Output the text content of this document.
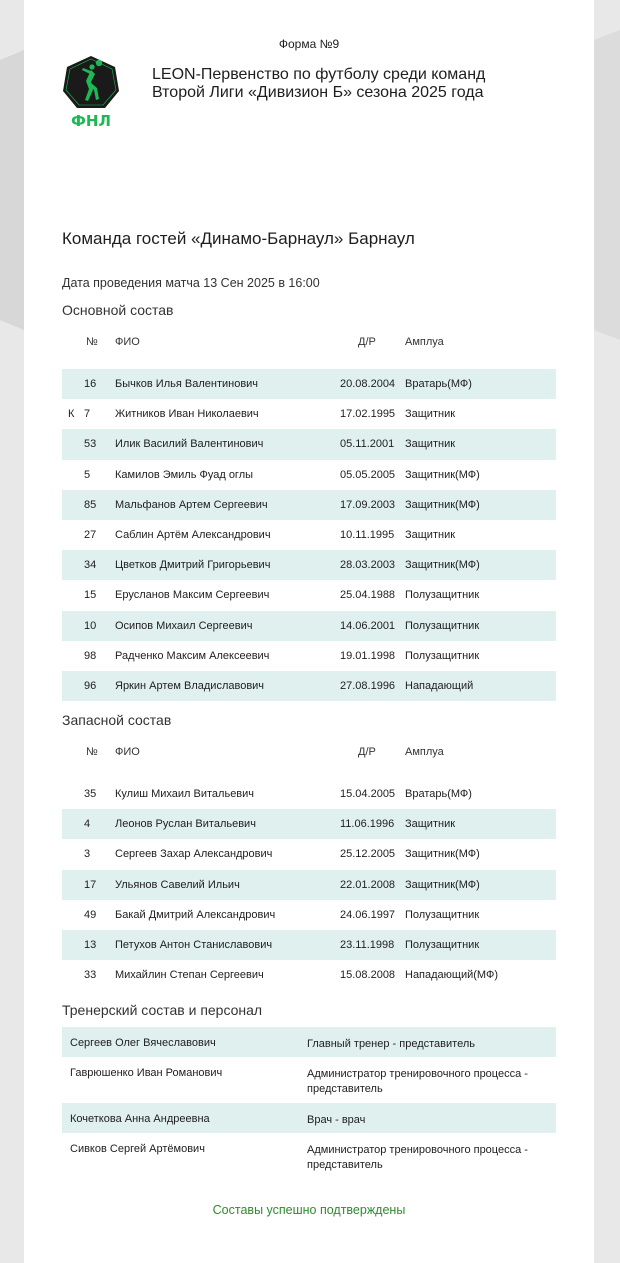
Форма №9
ФНЛ
LEON-Первенство по футболу среди команд
Второй Лиги «Дивизион Б» сезона 2025 года
Команда гостей «Динамо-Барнаул» Барнаул
Дата проведения матча 13 Сен 2025 в 16:00
Основной состав
№ ФИО	Д/Р	Амплуа
16 Бычков Илья Валентинович	20.08.2004 Вратарь(МФ)
К 7 Житников Иван Николаевич	17.02.1995 Защитник
53 Илик Василий Валентинович	05.11.2001 Защитник
5 Камилов Эмиль Фуад оглы	05.05.2005 Защитник(МФ)
85 Мальфанов Артем Сергеевич	17.09.2003 Защитник(МФ)
27 Саблин Артём Александрович	10.11.1995 Защитник
34 Цветков Дмитрий Григорьевич	28.03.2003 Защитник(МФ)
15 Ерусланов Максим Сергеевич	25.04.1988 Полузащитник
10 Осипов Михаил Сергеевич	14.06.2001 Полузащитник
98 Радченко Максим Алексеевич	19.01.1998 Полузащитник
96 Яркин Артем Владиславович	27.08.1996 Нападающий
Запасной состав
№ ФИО	Д/Р	Амплуа
35 Кулиш Михаил Витальевич	15.04.2005 Вратарь(МФ)
4 Леонов Руслан Витальевич	11.06.1996 Защитник
3 Сергеев Захар Александрович	25.12.2005 Защитник(МФ)
17 Ульянов Савелий Ильич	22.01.2008 Защитник(МФ)
49 Бакай Дмитрий Александрович	24.06.1997 Полузащитник
13 Петухов Антон Станиславович	23.11.1998 Полузащитник
33 Михайлин Степан Сергеевич	15.08.2008 Нападающий(МФ)
Тренерский состав и персонал
Сергеев Олег Вячеславович	Главный тренер - представитель
Гаврюшенко Иван Романович	Администратор тренировочного процесса - представитель
Кочеткова Анна Андреевна	Врач - врач
Сивков Сергей Артёмович	Администратор тренировочного процесса - представитель
Составы успешно подтверждены
